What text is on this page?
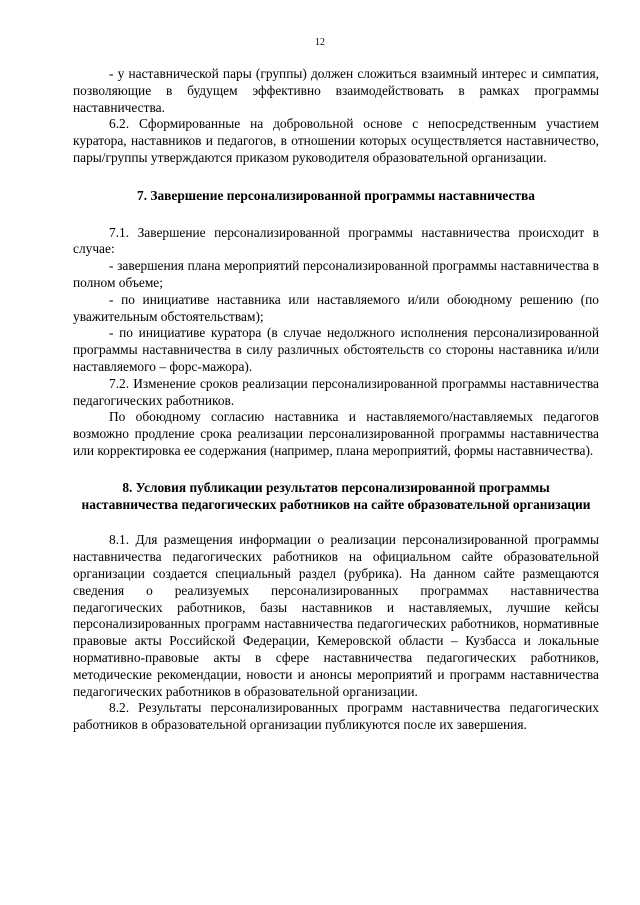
12

- у наставнической пары (группы) должен сложиться взаимный интерес и симпатия, позволяющие в будущем эффективно взаимодействовать в рамках программы наставничества.

6.2. Сформированные на добровольной основе с непосредственным участием куратора, наставников и педагогов, в отношении которых осуществляется наставничество, пары/группы утверждаются приказом руководителя образовательной организации.

7. Завершение персонализированной программы наставничества

7.1. Завершение персонализированной программы наставничества происходит в случае:

- завершения плана мероприятий персонализированной программы наставничества в полном объеме;

- по инициативе наставника или наставляемого и/или обоюдному решению (по уважительным обстоятельствам);

- по инициативе куратора (в случае недолжного исполнения персонализированной программы наставничества в силу различных обстоятельств со стороны наставника и/или наставляемого – форс-мажора).

7.2. Изменение сроков реализации персонализированной программы наставничества педагогических работников.

По обоюдному согласию наставника и наставляемого/наставляемых педагогов возможно продление срока реализации персонализированной программы наставничества или корректировка ее содержания (например, плана мероприятий, формы наставничества).

8. Условия публикации результатов персонализированной программы наставничества педагогических работников на сайте образовательной организации

8.1. Для размещения информации о реализации персонализированной программы наставничества педагогических работников на официальном сайте образовательной организации создается специальный раздел (рубрика). На данном сайте размещаются сведения о реализуемых персонализированных программах наставничества педагогических работников, базы наставников и наставляемых, лучшие кейсы персонализированных программ наставничества педагогических работников, нормативные правовые акты Российской Федерации, Кемеровской области – Кузбасса и локальные нормативно-правовые акты в сфере наставничества педагогических работников, методические рекомендации, новости и анонсы мероприятий и программ наставничества педагогических работников в образовательной организации.

8.2. Результаты персонализированных программ наставничества педагогических работников в образовательной организации публикуются после их завершения.
